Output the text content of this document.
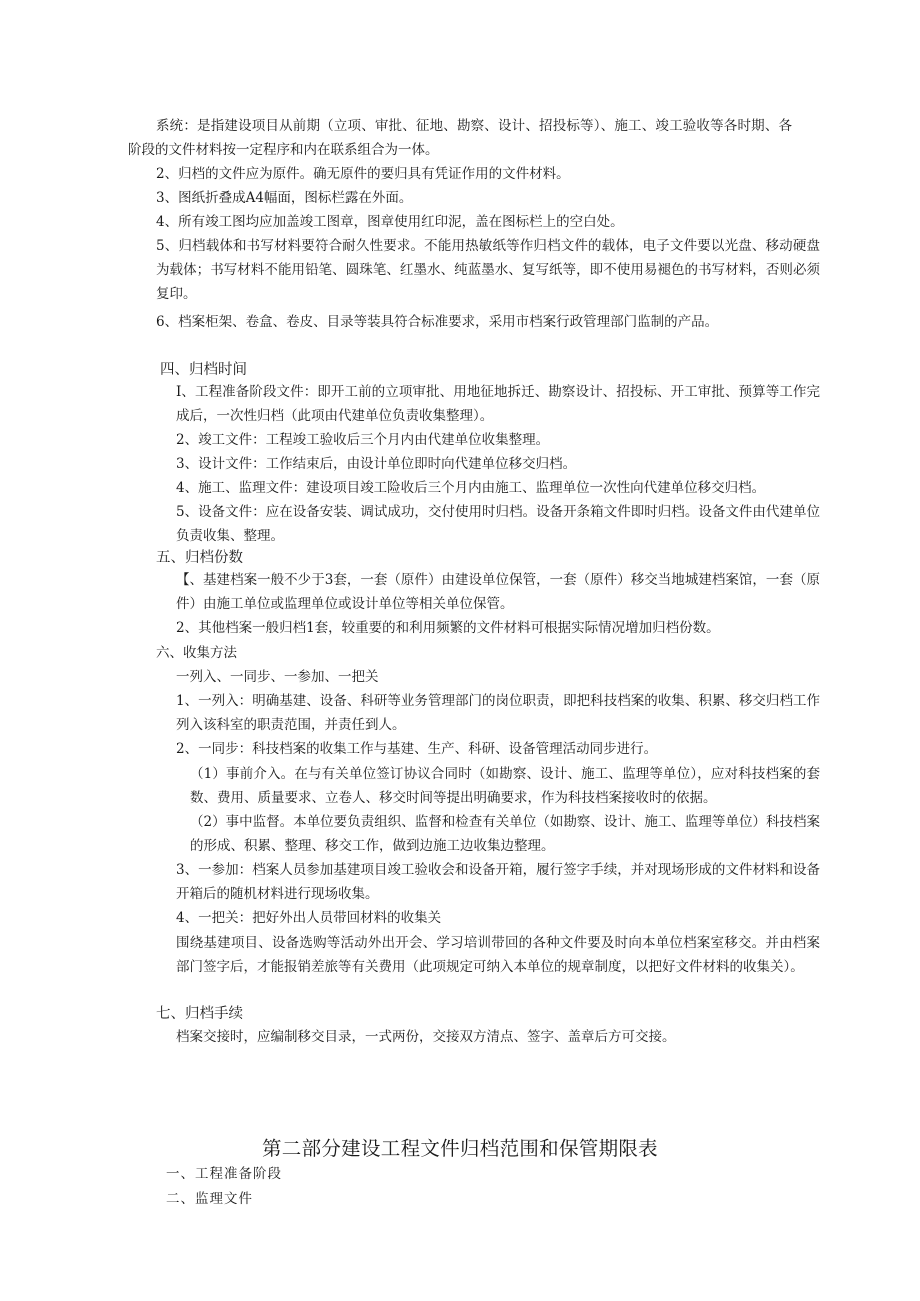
系统：是指建设项目从前期（立项、审批、征地、勘察、设计、招投标等）、施工、竣工验收等各时期、各阶段的文件材料按一定程序和内在联系组合为一体。

2、归档的文件应为原件。确无原件的要归具有凭证作用的文件材料。

3、图纸折叠成A4幅面，图标栏露在外面。

4、所有竣工图均应加盖竣工图章，图章使用红印泥，盖在图标栏上的空白处。

5、归档载体和书写材料要符合耐久性要求。不能用热敏纸等作归档文件的载体，电子文件要以光盘、移动硬盘为载体；书写材料不能用铅笔、圆珠笔、红墨水、纯蓝墨水、复写纸等，即不使用易褪色的书写材料，否则必须复印。

6、档案柜架、卷盒、卷皮、目录等装具符合标准要求，采用市档案行政管理部门监制的产品。

四、归档时间

I、工程准备阶段文件：即开工前的立项审批、用地征地拆迁、勘察设计、招投标、开工审批、预算等工作完成后，一次性归档（此项由代建单位负责收集整理）。

2、竣工文件：工程竣工验收后三个月内由代建单位收集整理。

3、设计文件：工作结束后，由设计单位即时向代建单位移交归档。

4、施工、监理文件：建设项目竣工险收后三个月内由施工、监理单位一次性向代建单位移交归档。

5、设备文件：应在设备安装、调试成功，交付使用时归档。设备开条箱文件即时归档。设备文件由代建单位负责收集、整理。

五、归档份数

【、基建档案一般不少于3套，一套（原件）由建设单位保管，一套（原件）移交当地城建档案馆，一套（原件）由施工单位或监理单位或设计单位等相关单位保管。

2、其他档案一般归档1套，较重要的和利用频繁的文件材料可根据实际情况增加归档份数。

六、收集方法

一列入、一同步、一参加、一把关

1、一列入：明确基建、设备、科研等业务管理部门的岗位职责，即把科技档案的收集、积累、移交归档工作列入该科室的职责范围，并责任到人。

2、一同步：科技档案的收集工作与基建、生产、科研、设备管理活动同步进行。

（1）事前介入。在与有关单位签订协议合同时（如勘察、设计、施工、监理等单位），应对科技档案的套数、费用、质量要求、立卷人、移交时间等提出明确要求，作为科技档案接收时的依据。

（2）事中监督。本单位要负责组织、监督和检查有关单位（如勘察、设计、施工、监理等单位）科技档案的形成、积累、整理、移交工作，做到边施工边收集边整理。

3、一参加：档案人员参加基建项目竣工验收会和设备开箱，履行签字手续，并对现场形成的文件材料和设备开箱后的随机材料进行现场收集。

4、一把关：把好外出人员带回材料的收集关

围绕基建项目、设备选购等活动外出开会、学习培训带回的各种文件要及时向本单位档案室移交。并由档案部门签字后，才能报销差旅等有关费用（此项规定可纳入本单位的规章制度，以把好文件材料的收集关）。

七、归档手续

档案交接时，应编制移交目录，一式两份，交接双方清点、签字、盖章后方可交接。

第二部分建设工程文件归档范围和保管期限表

一、工程准备阶段

二、监理文件
